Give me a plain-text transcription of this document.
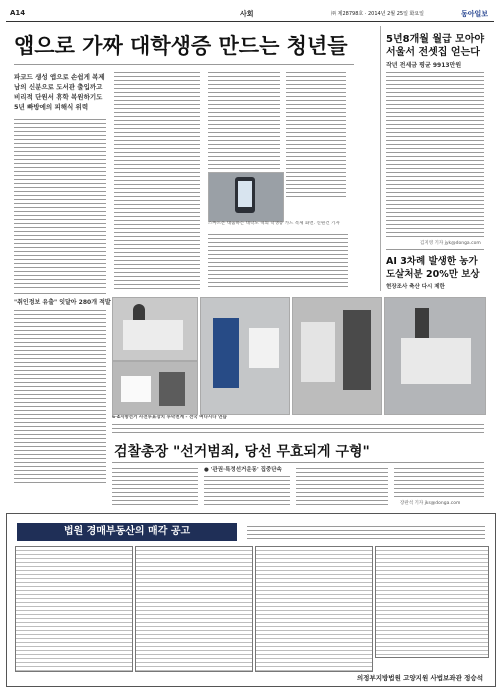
A14	사회	㈜ 제28798호 · 2014년 2월 25일 화요일	동아일보
앱으로 가짜 대학생증 만드는 청년들
파코드 생성 앱으로 손쉽게 복제
남의 신분으로 도서관 출입까고
비리적 단원서 휴학 복원하기도
5년 빠방에의 피해식 위력
스마트폰 대출하는 대학도 혁의 학생증 카드 복제 화면. 신원건 기자
"취인정보 유출" 잇달아 280개 적발
6·4지방선거 사전투표장치 투막천계 - 전국 여다시다 연습
검찰총장 "선거범죄, 당선 무효되게 구형"
● '관권·특정선거운동' 집중단속
장관석 기자 jks@donga.com
5년8개월 월급 모아야
서울서 전셋집 얻는다
작년 전세금 평균 9913만원
김지영 기자 jyk@donga.com
AI 3차례 발생한 농가
도살처분 20%만 보상
현장조사 축산 다시 제한
법원 경매부동산의 매각 공고
의정부지방법원 고양지원 사법보좌관 정승석
